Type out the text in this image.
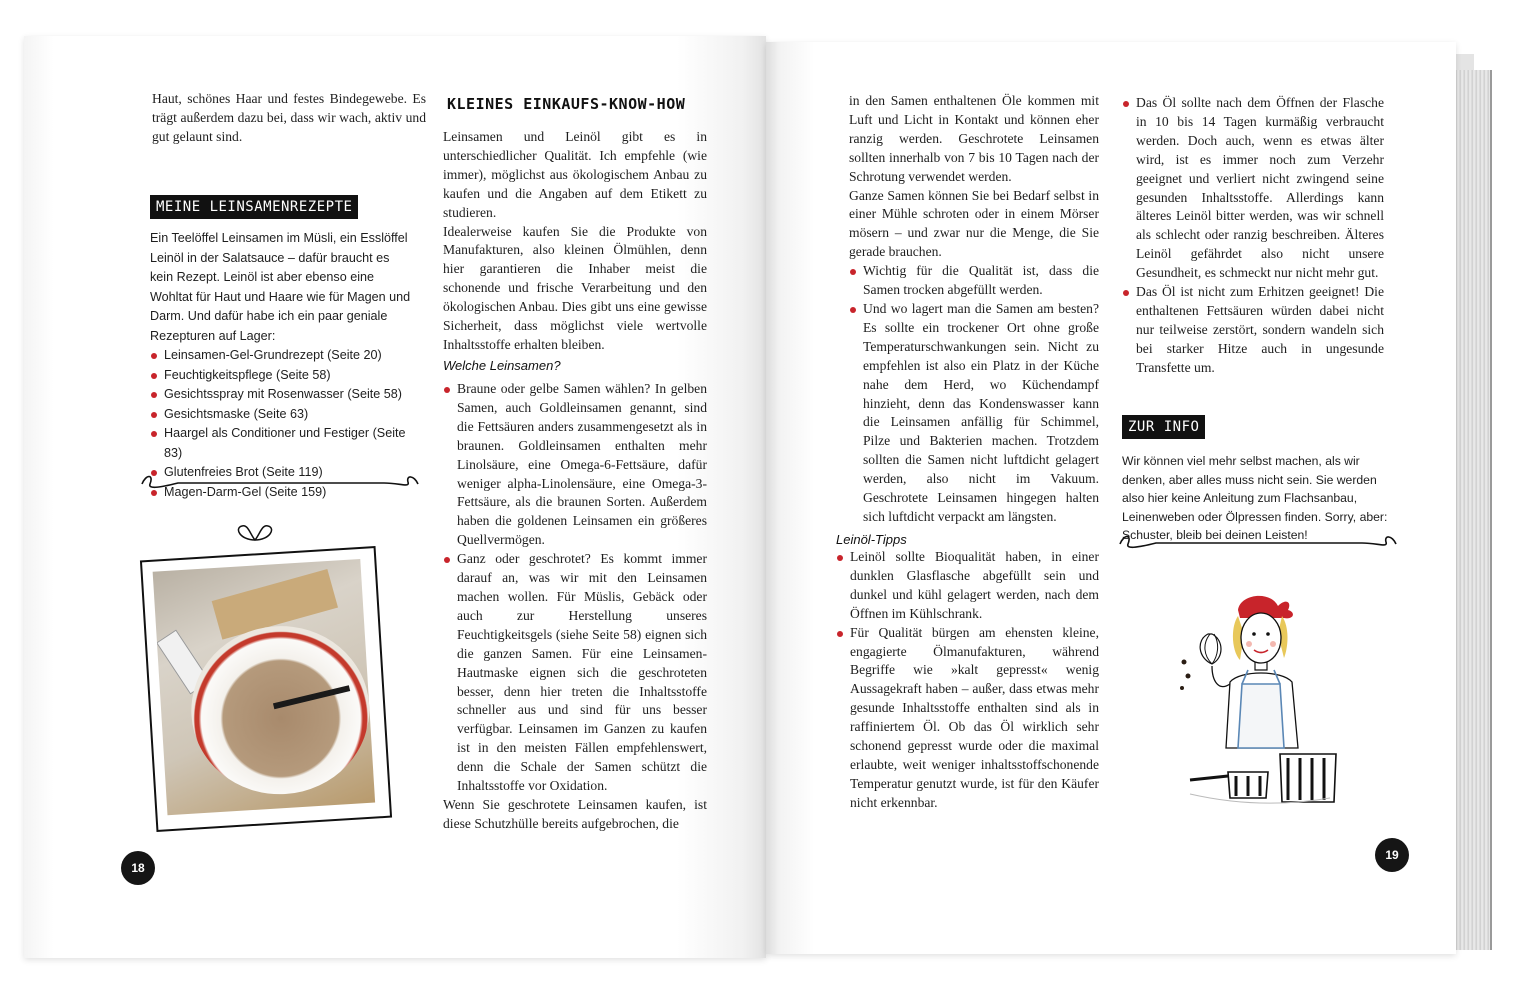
Haut, schönes Haar und festes Bindegewebe. Es trägt außerdem dazu bei, dass wir wach, aktiv und gut gelaunt sind.

MEINE LEINSAMENREZEPTE

Ein Teelöffel Leinsamen im Müsli, ein Esslöffel Leinöl in der Salatsauce – dafür braucht es kein Rezept. Leinöl ist aber ebenso eine Wohltat für Haut und Haare wie für Magen und Darm. Und dafür habe ich ein paar geniale Rezepturen auf Lager:

Leinsamen-Gel-Grundrezept (Seite 20)
Feuchtigkeitspflege (Seite 58)
Gesichtsspray mit Rosenwasser (Seite 58)
Gesichtsmaske (Seite 63)
Haargel als Conditioner und Festiger (Seite 83)
Glutenfreies Brot (Seite 119)
Magen-Darm-Gel (Seite 159)
KLEINES EINKAUFS-KNOW-HOW

Leinsamen und Leinöl gibt es in unterschiedlicher Qualität. Ich empfehle (wie immer), möglichst aus ökologischem Anbau zu kaufen und die Angaben auf dem Etikett zu studieren.

Idealerweise kaufen Sie die Produkte von Manufakturen, also kleinen Ölmühlen, denn hier garantieren die Inhaber meist die schonende und frische Verarbeitung und den ökologischen Anbau. Dies gibt uns eine gewisse Sicherheit, dass möglichst viele wertvolle Inhaltsstoffe erhalten bleiben.

Welche Leinsamen?
Braune oder gelbe Samen wählen? In gelben Samen, auch Goldleinsamen genannt, sind die Fettsäuren anders zusammengesetzt als in braunen. Goldleinsamen enthalten mehr Linolsäure, eine Omega-6-Fettsäure, dafür weniger alpha-Linolensäure, eine Omega-3-Fettsäure, als die braunen Sorten. Außerdem haben die goldenen Leinsamen ein größeres Quellvermögen.
Ganz oder geschrotet? Es kommt immer darauf an, was wir mit den Leinsamen machen wollen. Für Müslis, Gebäck oder auch zur Herstellung unseres Feuchtigkeitsgels (siehe Seite 58) eignen sich die ganzen Samen. Für eine Leinsamen-Hautmaske eignen sich die geschroteten besser, denn hier treten die Inhaltsstoffe schneller aus und sind für uns besser verfügbar. Leinsamen im Ganzen zu kaufen ist in den meisten Fällen empfehlenswert, denn die Schale der Samen schützt die Inhaltsstoffe vor Oxidation.

Wenn Sie geschrotete Leinsamen kaufen, ist diese Schutzhülle bereits aufgebrochen, die

18

in den Samen enthaltenen Öle kommen mit Luft und Licht in Kontakt und können eher ranzig werden. Geschrotete Leinsamen sollten innerhalb von 7 bis 10 Tagen nach der Schrotung verwendet werden.

Ganze Samen können Sie bei Bedarf selbst in einer Mühle schroten oder in einem Mörser mösern – und zwar nur die Menge, die Sie gerade brauchen.

Wichtig für die Qualität ist, dass die Samen trocken abgefüllt werden.
Und wo lagert man die Samen am besten? Es sollte ein trockener Ort ohne große Temperaturschwankungen sein. Nicht zu empfehlen ist also ein Platz in der Küche nahe dem Herd, wo Küchendampf hinzieht, denn das Kondenswasser kann die Leinsamen anfällig für Schimmel, Pilze und Bakterien machen. Trotzdem sollten die Samen nicht luftdicht gelagert werden, also nicht im Vakuum. Geschrotete Leinsamen hingegen halten sich luftdicht verpackt am längsten.
Leinöl-Tipps
Leinöl sollte Bioqualität haben, in einer dunklen Glasflasche abgefüllt sein und dunkel und kühl gelagert werden, nach dem Öffnen im Kühlschrank.
Für Qualität bürgen am ehensten kleine, engagierte Ölmanufakturen, während Begriffe wie »kalt gepresst« wenig Aussagekraft haben – außer, dass etwas mehr gesunde Inhaltsstoffe enthalten sind als in raffiniertem Öl. Ob das Öl wirklich sehr schonend gepresst wurde oder die maximal erlaubte, weit weniger inhaltsstoffschonende Temperatur genutzt wurde, ist für den Käufer nicht erkennbar.
Das Öl sollte nach dem Öffnen der Flasche in 10 bis 14 Tagen kurmäßig verbraucht werden. Doch auch, wenn es etwas älter wird, ist es immer noch zum Verzehr geeignet und verliert nicht zwingend seine gesunden Inhaltsstoffe. Allerdings kann älteres Leinöl bitter werden, was wir schnell als schlecht oder ranzig beschreiben. Älteres Leinöl gefährdet also nicht unsere Gesundheit, es schmeckt nur nicht mehr gut.
Das Öl ist nicht zum Erhitzen geeignet! Die enthaltenen Fettsäuren würden dabei nicht nur teilweise zerstört, sondern wandeln sich bei starker Hitze auch in ungesunde Transfette um.
ZUR INFO

Wir können viel mehr selbst machen, als wir denken, aber alles muss nicht sein. Sie werden also hier keine Anleitung zum Flachsanbau, Leinenweben oder Ölpressen finden. Sorry, aber: Schuster, bleib bei deinen Leisten!

19
